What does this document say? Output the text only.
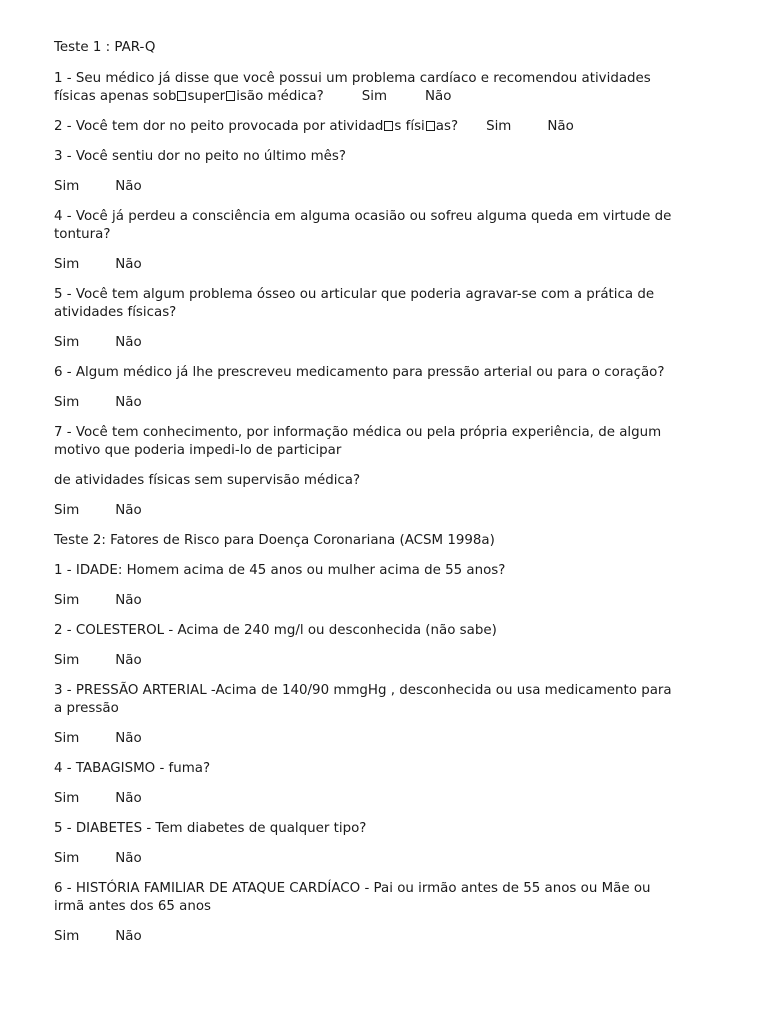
Teste 1 : PAR-Q
1 - Seu médico já disse que você possui um problema cardíaco e recomendou atividades
físicas apenas sob super isão médica?	Sim	Não
2 - Você tem dor no peito provocada por atividad s físi as? Sim	Não
3 - Você sentiu dor no peito no último mês?
Sim	Não
4 - Você já perdeu a consciência em alguma ocasião ou sofreu alguma queda em virtude de
tontura?
Sim	Não
5 - Você tem algum problema ósseo ou articular que poderia agravar-se com a prática de
atividades físicas?
Sim	Não
6 - Algum médico já lhe prescreveu medicamento para pressão arterial ou para o coração?
Sim	Não
7 - Você tem conhecimento, por informação médica ou pela própria experiência, de algum
motivo que poderia impedi-lo de participar
de atividades físicas sem supervisão médica?
Sim	Não
Teste 2: Fatores de Risco para Doença Coronariana (ACSM 1998a)
1 - IDADE: Homem acima de 45 anos ou mulher acima de 55 anos?
Sim	Não
2 - COLESTEROL - Acima de 240 mg/l ou desconhecida (não sabe)
Sim	Não
3 - PRESSÃO ARTERIAL -Acima de 140/90 mmgHg , desconhecida ou usa medicamento para
a pressão
Sim	Não
4 - TABAGISMO - fuma?
Sim	Não
5 - DIABETES - Tem diabetes de qualquer tipo?
Sim	Não
6 - HISTÓRIA FAMILIAR DE ATAQUE CARDÍACO - Pai ou irmão antes de 55 anos ou Mãe ou
irmã antes dos 65 anos
Sim	Não
